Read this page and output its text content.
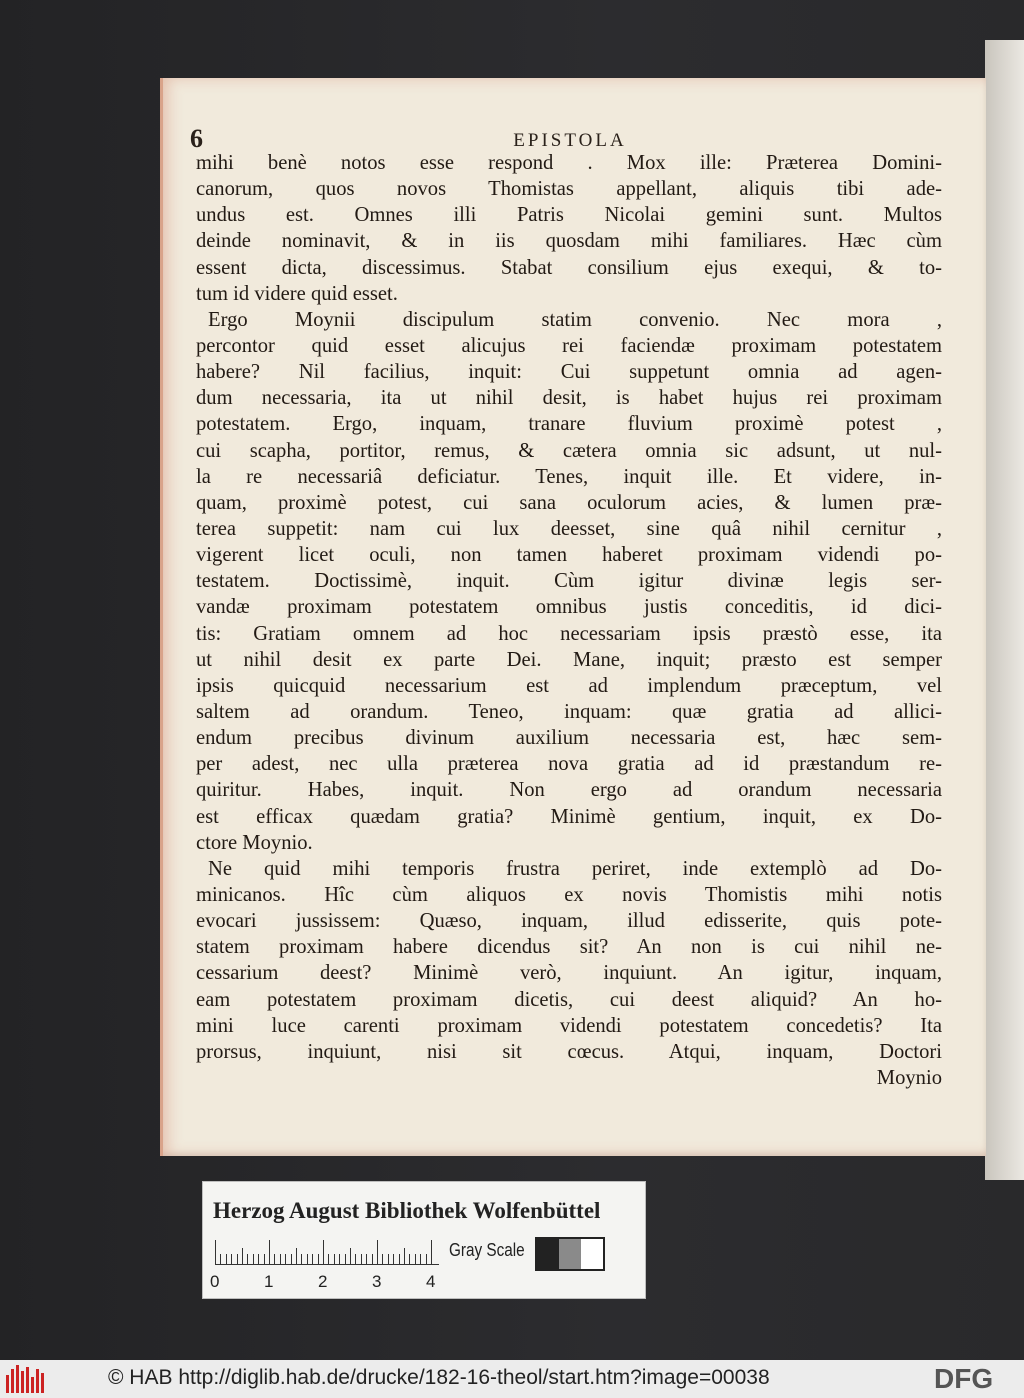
6	EPISTOLA
mihi benè notos esse respond . Mox ille: Præterea Domini-
canorum, quos novos Thomistas appellant, aliquis tibi ade-
undus est. Omnes illi Patris Nicolai gemini sunt. Multos
deinde nominavit, & in iis quosdam mihi familiares. Hæc cùm
essent dicta, discessimus. Stabat consilium ejus exequi, & to-
tum id videre quid esset.
Ergo Moynii discipulum statim convenio. Nec mora ,
percontor quid esset alicujus rei faciendæ proximam potestatem
habere? Nil facilius, inquit: Cui suppetunt omnia ad agen-
dum necessaria, ita ut nihil desit, is habet hujus rei proximam
potestatem. Ergo, inquam, tranare fluvium proximè potest ,
cui scapha, portitor, remus, & cætera omnia sic adsunt, ut nul-
la re necessariâ deficiatur. Tenes, inquit ille. Et videre, in-
quam, proximè potest, cui sana oculorum acies, & lumen præ-
terea suppetit: nam cui lux deesset, sine quâ nihil cernitur ,
vigerent licet oculi, non tamen haberet proximam videndi po-
testatem. Doctissimè, inquit. Cùm igitur divinæ legis ser-
vandæ proximam potestatem omnibus justis conceditis, id dici-
tis: Gratiam omnem ad hoc necessariam ipsis præstò esse, ita
ut nihil desit ex parte Dei. Mane, inquit; præsto est semper
ipsis quicquid necessarium est ad implendum præceptum, vel
saltem ad orandum. Teneo, inquam: quæ gratia ad allici-
endum precibus divinum auxilium necessaria est, hæc sem-
per adest, nec ulla præterea nova gratia ad id præstandum re-
quiritur. Habes, inquit. Non ergo ad orandum necessaria
est efficax quædam gratia? Minimè gentium, inquit, ex Do-
ctore Moynio.
Ne quid mihi temporis frustra periret, inde extemplò ad Do-
minicanos. Hîc cùm aliquos ex novis Thomistis mihi notis
evocari jussissem: Quæso, inquam, illud edisserite, quis pote-
statem proximam habere dicendus sit? An non is cui nihil ne-
cessarium deest? Minimè verò, inquiunt. An igitur, inquam,
eam potestatem proximam dicetis, cui deest aliquid? An ho-
mini luce carenti proximam videndi potestatem concedetis? Ita
prorsus, inquiunt, nisi sit cœcus. Atqui, inquam, Doctori
Moynio
Herzog August Bibliothek Wolfenbüttel
0	1	2	3	4
Gray Scale
© HAB http://diglib.hab.de/drucke/182-16-theol/start.htm?image=00038	DFG
